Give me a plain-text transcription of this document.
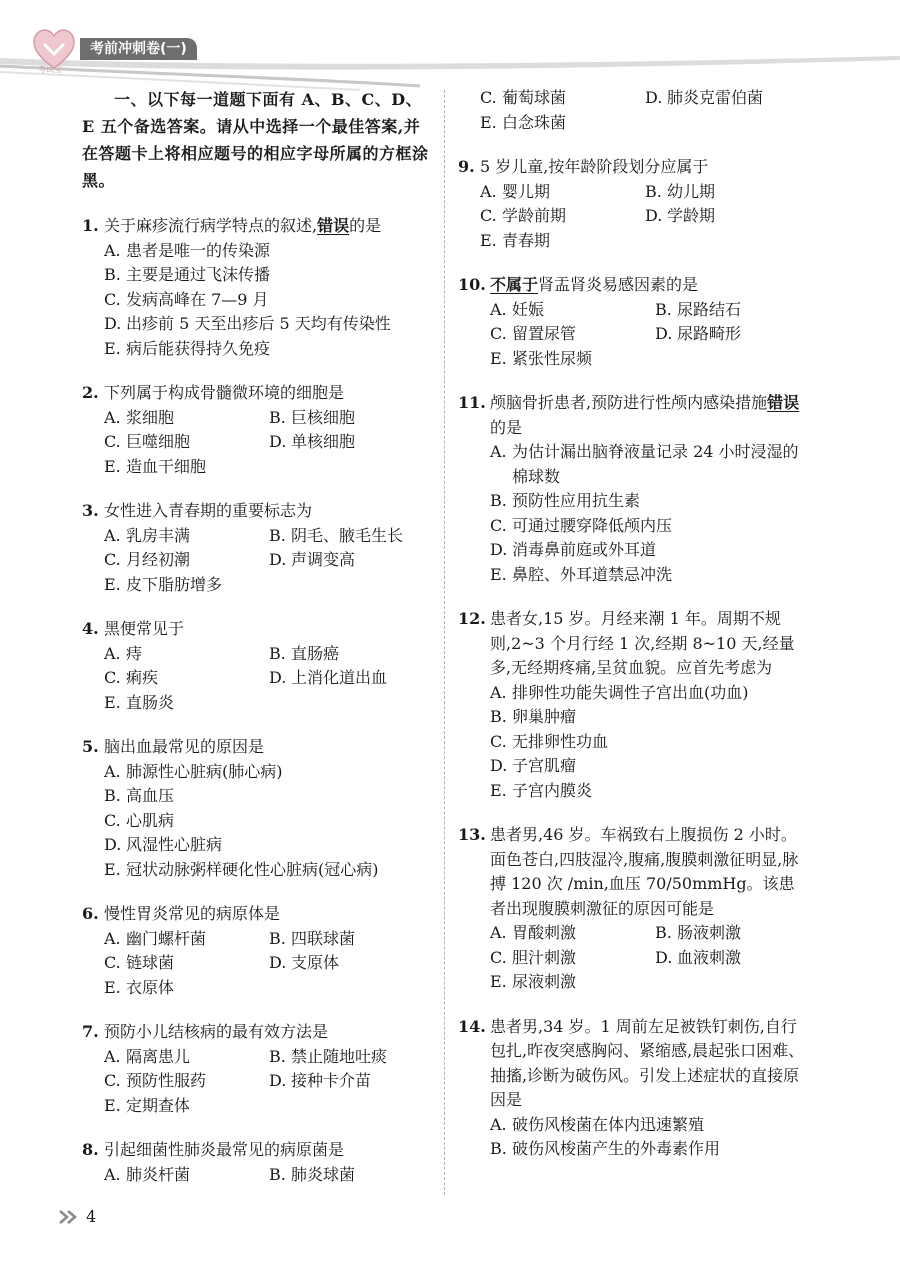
考试宝
考前冲刺卷(一)

一、以下每一道题下面有 A、B、C、D、E 五个备选答案。请从中选择一个最佳答案,并在答题卡上将相应题号的相应字母所属的方框涂黑。

1. 关于麻疹流行病学特点的叙述,错误的是
A. 患者是唯一的传染源
B. 主要是通过飞沫传播
C. 发病高峰在 7—9 月
D. 出疹前 5 天至出疹后 5 天均有传染性
E. 病后能获得持久免疫
2. 下列属于构成骨髓微环境的细胞是
A. 浆细胞	B. 巨核细胞
C. 巨噬细胞	D. 单核细胞
E. 造血干细胞
3. 女性进入青春期的重要标志为
A. 乳房丰满	B. 阴毛、腋毛生长
C. 月经初潮	D. 声调变高
E. 皮下脂肪增多
4. 黑便常见于
A. 痔	B. 直肠癌
C. 痢疾	D. 上消化道出血
E. 直肠炎
5. 脑出血最常见的原因是
A. 肺源性心脏病(肺心病)
B. 高血压
C. 心肌病
D. 风湿性心脏病
E. 冠状动脉粥样硬化性心脏病(冠心病)
6. 慢性胃炎常见的病原体是
A. 幽门螺杆菌	B. 四联球菌
C. 链球菌	D. 支原体
E. 衣原体
7. 预防小儿结核病的最有效方法是
A. 隔离患儿	B. 禁止随地吐痰
C. 预防性服药	D. 接种卡介苗
E. 定期查体
8. 引起细菌性肺炎最常见的病原菌是
A. 肺炎杆菌	B. 肺炎球菌
C. 葡萄球菌	D. 肺炎克雷伯菌
E. 白念珠菌
9. 5 岁儿童,按年龄阶段划分应属于
A. 婴儿期	B. 幼儿期
C. 学龄前期	D. 学龄期
E. 青春期
10. 不属于肾盂肾炎易感因素的是
A. 妊娠	B. 尿路结石
C. 留置尿管	D. 尿路畸形
E. 紧张性尿频
11. 颅脑骨折患者,预防进行性颅内感染措施错误的是
A. 为估计漏出脑脊液量记录 24 小时浸湿的棉球数
B. 预防性应用抗生素
C. 可通过腰穿降低颅内压
D. 消毒鼻前庭或外耳道
E. 鼻腔、外耳道禁忌冲洗
12. 患者女,15 岁。月经来潮 1 年。周期不规则,2~3 个月行经 1 次,经期 8~10 天,经量多,无经期疼痛,呈贫血貌。应首先考虑为
A. 排卵性功能失调性子宫出血(功血)
B. 卵巢肿瘤
C. 无排卵性功血
D. 子宫肌瘤
E. 子宫内膜炎
13. 患者男,46 岁。车祸致右上腹损伤 2 小时。面色苍白,四肢湿冷,腹痛,腹膜刺激征明显,脉搏 120 次 /min,血压 70/50mmHg。该患者出现腹膜刺激征的原因可能是
A. 胃酸刺激	B. 肠液刺激
C. 胆汁刺激	D. 血液刺激
E. 尿液刺激
14. 患者男,34 岁。1 周前左足被铁钉刺伤,自行包扎,昨夜突感胸闷、紧缩感,晨起张口困难、抽搐,诊断为破伤风。引发上述症状的直接原因是
A. 破伤风梭菌在体内迅速繁殖
B. 破伤风梭菌产生的外毒素作用
4
